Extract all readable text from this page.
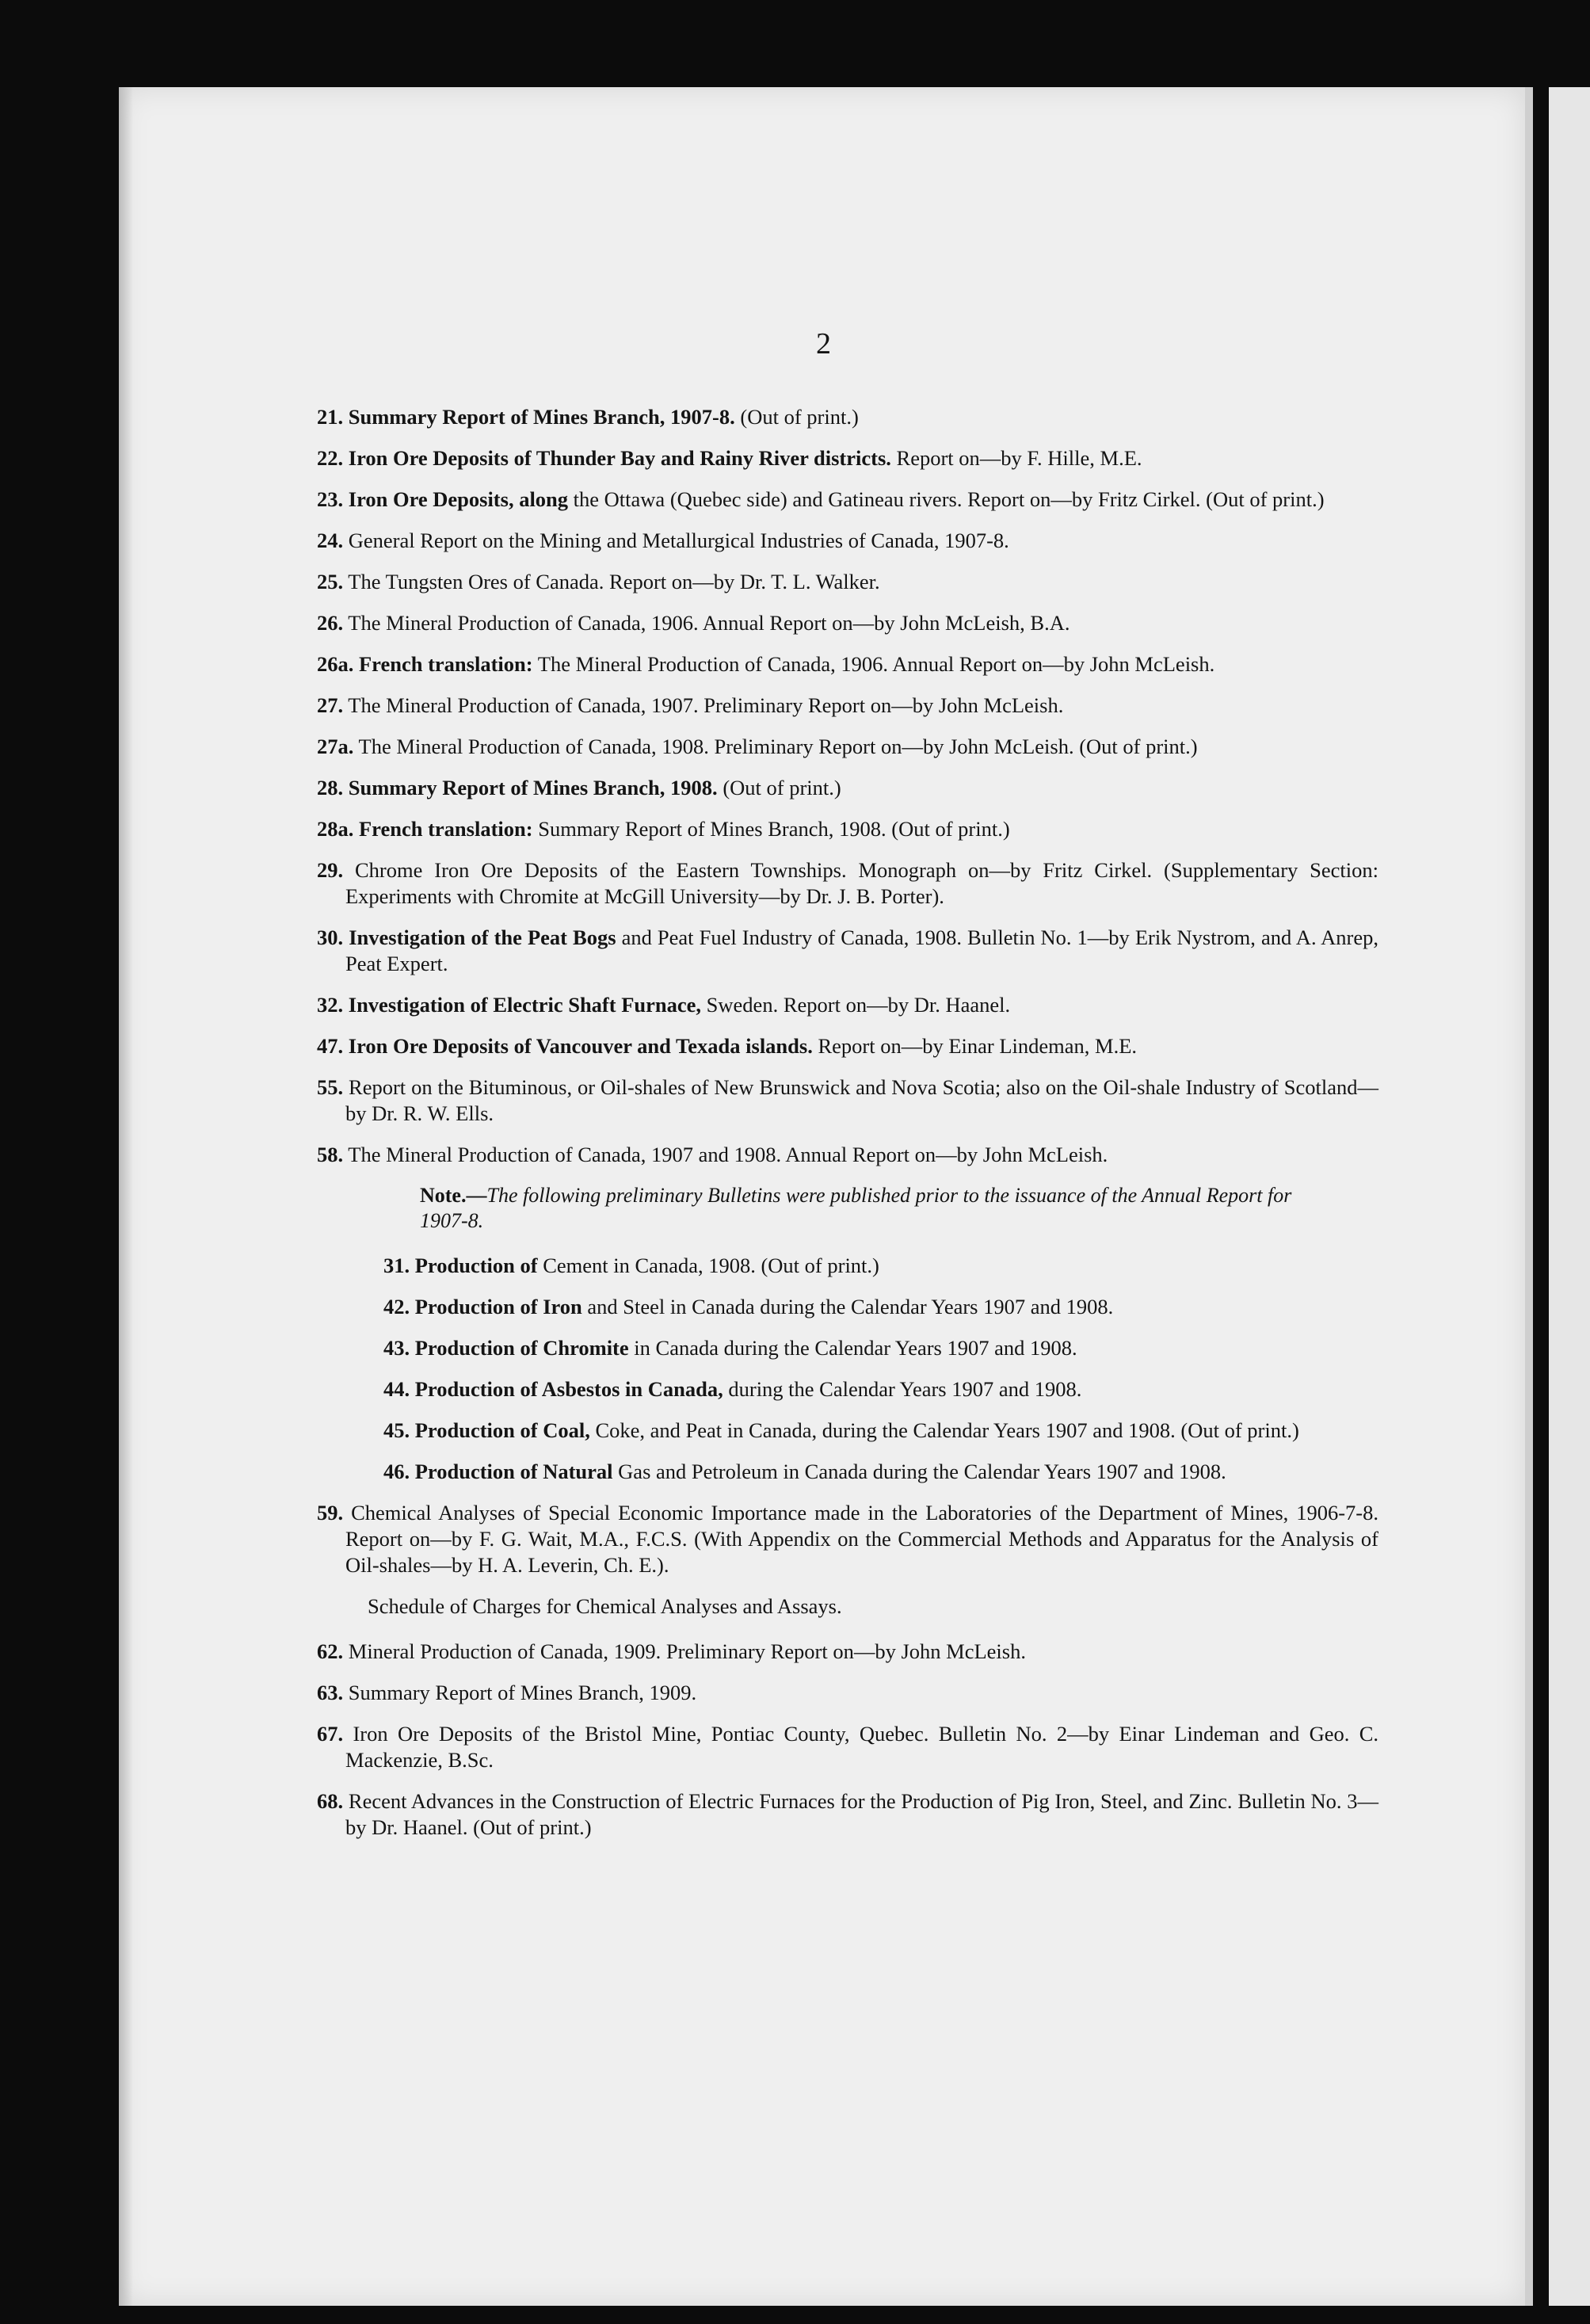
2

21. Summary Report of Mines Branch, 1907-8. (Out of print.)
22. Iron Ore Deposits of Thunder Bay and Rainy River districts. Report on—by F. Hille, M.E.
23. Iron Ore Deposits, along the Ottawa (Quebec side) and Gatineau rivers. Report on—by Fritz Cirkel. (Out of print.)
24. General Report on the Mining and Metallurgical Industries of Canada, 1907-8.
25. The Tungsten Ores of Canada. Report on—by Dr. T. L. Walker.
26. The Mineral Production of Canada, 1906. Annual Report on—by John McLeish, B.A.
26a. French translation: The Mineral Production of Canada, 1906. Annual Report on—by John McLeish.
27. The Mineral Production of Canada, 1907. Preliminary Report on—by John McLeish.
27a. The Mineral Production of Canada, 1908. Preliminary Report on—by John McLeish. (Out of print.)
28. Summary Report of Mines Branch, 1908. (Out of print.)
28a. French translation: Summary Report of Mines Branch, 1908. (Out of print.)
29. Chrome Iron Ore Deposits of the Eastern Townships. Monograph on—by Fritz Cirkel. (Supplementary Section: Experiments with Chromite at McGill University—by Dr. J. B. Porter).
30. Investigation of the Peat Bogs and Peat Fuel Industry of Canada, 1908. Bulletin No. 1—by Erik Nystrom, and A. Anrep, Peat Expert.
32. Investigation of Electric Shaft Furnace, Sweden. Report on—by Dr. Haanel.
47. Iron Ore Deposits of Vancouver and Texada islands. Report on—by Einar Lindeman, M.E.
55. Report on the Bituminous, or Oil-shales of New Brunswick and Nova Scotia; also on the Oil-shale Industry of Scotland—by Dr. R. W. Ells.
58. The Mineral Production of Canada, 1907 and 1908. Annual Report on—by John McLeish.
Note.—The following preliminary Bulletins were published prior to the issuance of the Annual Report for 1907-8.
31. Production of Cement in Canada, 1908. (Out of print.)
42. Production of Iron and Steel in Canada during the Calendar Years 1907 and 1908.
43. Production of Chromite in Canada during the Calendar Years 1907 and 1908.
44. Production of Asbestos in Canada, during the Calendar Years 1907 and 1908.
45. Production of Coal, Coke, and Peat in Canada, during the Calendar Years 1907 and 1908. (Out of print.)
46. Production of Natural Gas and Petroleum in Canada during the Calendar Years 1907 and 1908.
59. Chemical Analyses of Special Economic Importance made in the Laboratories of the Department of Mines, 1906-7-8. Report on—by F. G. Wait, M.A., F.C.S. (With Appendix on the Commercial Methods and Apparatus for the Analysis of Oil-shales—by H. A. Leverin, Ch. E.).
Schedule of Charges for Chemical Analyses and Assays.
62. Mineral Production of Canada, 1909. Preliminary Report on—by John McLeish.
63. Summary Report of Mines Branch, 1909.
67. Iron Ore Deposits of the Bristol Mine, Pontiac County, Quebec. Bulletin No. 2—by Einar Lindeman and Geo. C. Mackenzie, B.Sc.
68. Recent Advances in the Construction of Electric Furnaces for the Production of Pig Iron, Steel, and Zinc. Bulletin No. 3—by Dr. Haanel. (Out of print.)
